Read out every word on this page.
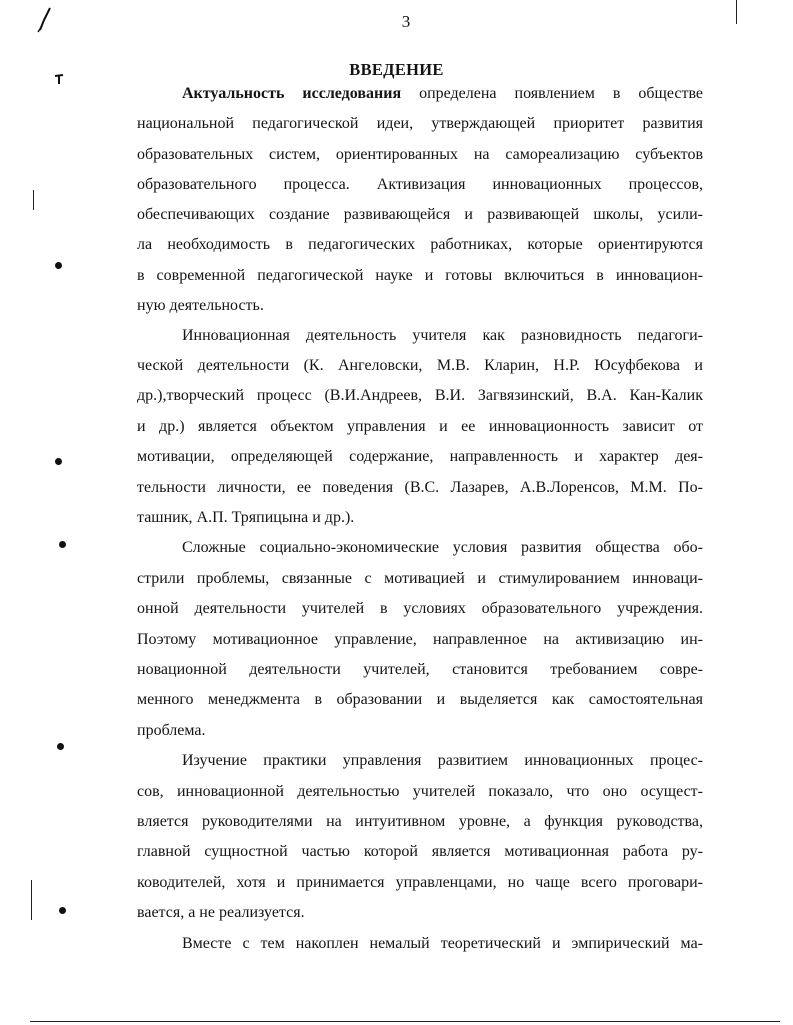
3
ВВЕДЕНИЕ
Актуальность исследования определена появлением в обществе
национальной педагогической идеи, утверждающей приоритет развития
образовательных систем, ориентированных на самореализацию субъектов
образовательного процесса. Активизация инновационных процессов,
обеспечивающих создание развивающейся и развивающей школы, усили-
ла необходимость в педагогических работниках, которые ориентируются
в современной педагогической науке и готовы включиться в инновацион-
ную деятельность.
Инновационная деятельность учителя как разновидность педагоги-
ческой деятельности (К. Ангеловски, М.В. Кларин, Н.Р. Юсуфбекова и
др.),творческий процесс (В.И.Андреев, В.И. Загвязинский, В.А. Кан-Калик
и др.) является объектом управления и ее инновационность зависит от
мотивации, определяющей содержание, направленность и характер дея-
тельности личности, ее поведения (В.С. Лазарев, А.В.Лоренсов, М.М. По-
ташник, А.П. Тряпицына и др.).
Сложные социально-экономические условия развития общества обо-
стрили проблемы, связанные с мотивацией и стимулированием инноваци-
онной деятельности учителей в условиях образовательного учреждения.
Поэтому мотивационное управление, направленное на активизацию ин-
новационной деятельности учителей, становится требованием совре-
менного менеджмента в образовании и выделяется как самостоятельная
проблема.
Изучение практики управления развитием инновационных процес-
сов, инновационной деятельностью учителей показало, что оно осущест-
вляется руководителями на интуитивном уровне, а функция руководства,
главной сущностной частью которой является мотивационная работа ру-
ководителей, хотя и принимается управленцами, но чаще всего проговари-
вается, а не реализуется.
Вместе с тем накоплен немалый теоретический и эмпирический ма-
